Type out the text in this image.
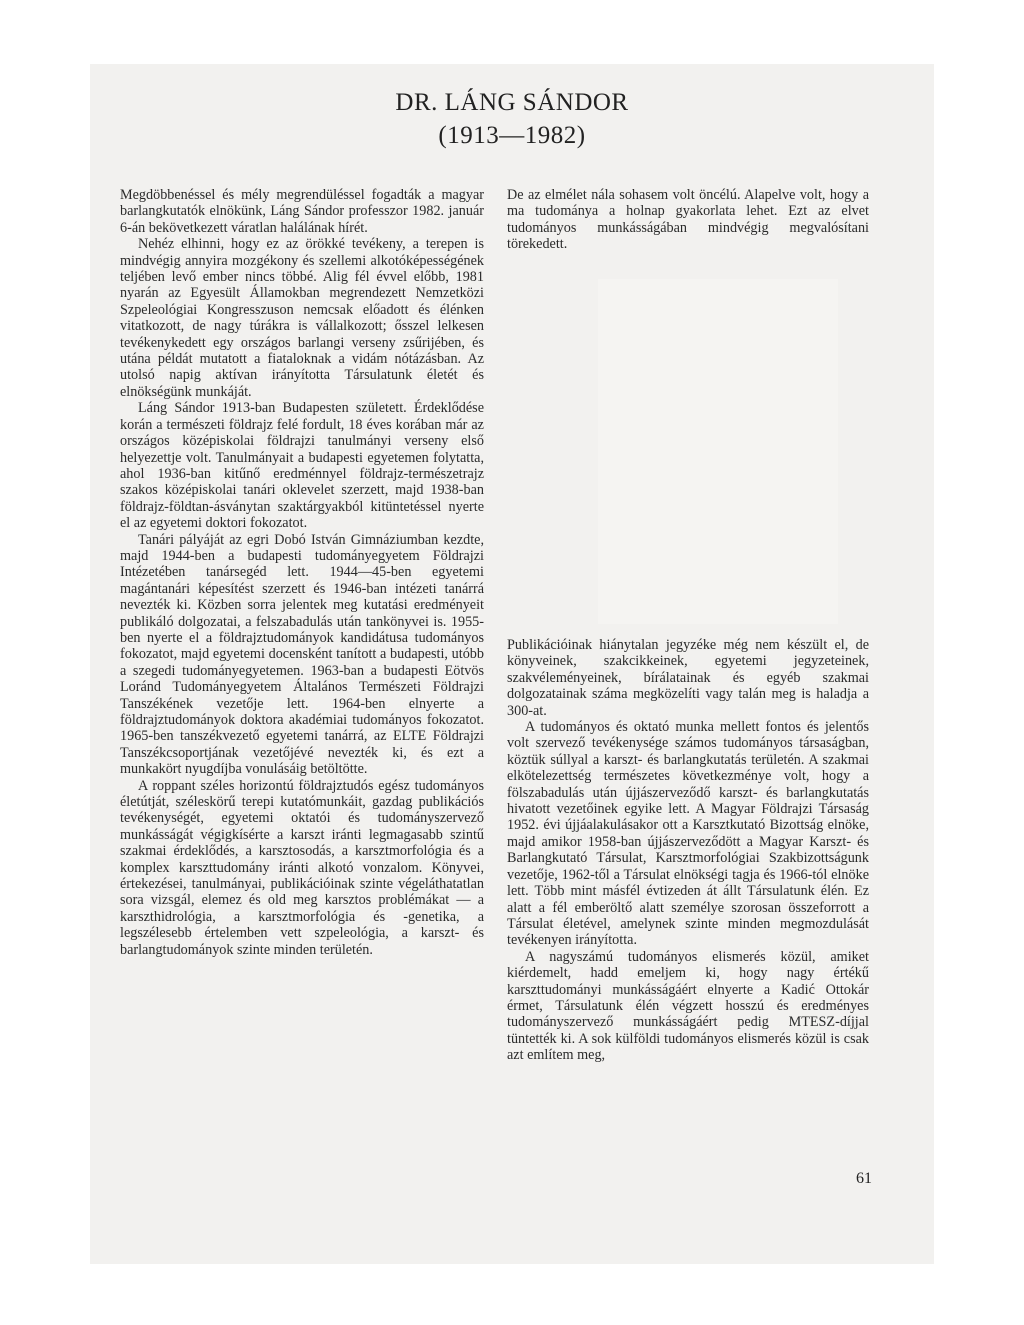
DR. LÁNG SÁNDOR
(1913—1982)

Megdöbbenéssel és mély megrendüléssel fogadták a magyar barlangkutatók elnökünk, Láng Sándor professzor 1982. január 6-án bekövetkezett váratlan halálának hírét.

Nehéz elhinni, hogy ez az örökké tevékeny, a terepen is mindvégig annyira mozgékony és szellemi alkotóképességének teljében levő ember nincs többé. Alig fél évvel előbb, 1981 nyarán az Egyesült Államokban megrendezett Nemzetközi Szpeleológiai Kongresszuson nemcsak előadott és élénken vitatkozott, de nagy túrákra is vállalkozott; ősszel lelkesen tevékenykedett egy országos barlangi verseny zsűrijében, és utána példát mutatott a fiataloknak a vidám nótázásban. Az utolsó napig aktívan irányította Társulatunk életét és elnökségünk munkáját.

Láng Sándor 1913-ban Budapesten született. Érdeklődése korán a természeti földrajz felé fordult, 18 éves korában már az országos középiskolai földrajzi tanulmányi verseny első helyezettje volt. Tanulmányait a budapesti egyetemen folytatta, ahol 1936-ban kitűnő eredménnyel földrajz-természetrajz szakos középiskolai tanári oklevelet szerzett, majd 1938-ban földrajz-földtan-ásványtan szaktárgyakból kitüntetéssel nyerte el az egyetemi doktori fokozatot.

Tanári pályáját az egri Dobó István Gimnáziumban kezdte, majd 1944-ben a budapesti tudományegyetem Földrajzi Intézetében tanársegéd lett. 1944—45-ben egyetemi magántanári képesítést szerzett és 1946-ban intézeti tanárrá nevezték ki. Közben sorra jelentek meg kutatási eredményeit publikáló dolgozatai, a felszabadulás után tankönyvei is. 1955-ben nyerte el a földrajztudományok kandidátusa tudományos fokozatot, majd egyetemi docensként tanított a budapesti, utóbb a szegedi tudományegyetemen. 1963-ban a budapesti Eötvös Loránd Tudományegyetem Általános Természeti Földrajzi Tanszékének vezetője lett. 1964-ben elnyerte a földrajztudományok doktora akadémiai tudományos fokozatot. 1965-ben tanszékvezető egyetemi tanárrá, az ELTE Földrajzi Tanszékcsoportjának vezetőjévé nevezték ki, és ezt a munkakört nyugdíjba vonulásáig betöltötte.

A roppant széles horizontú földrajztudós egész tudományos életútját, széleskörű terepi kutatómunkáit, gazdag publikációs tevékenységét, egyetemi oktatói és tudományszervező munkásságát végigkísérte a karszt iránti legmagasabb szintű szakmai érdeklődés, a karsztosodás, a karsztmorfológia és a komplex karszttudomány iránti alkotó vonzalom. Könyvei, értekezései, tanulmányai, publikációinak szinte végeláthatatlan sora vizsgál, elemez és old meg karsztos problémákat — a karszthidrológia, a karsztmorfológia és -genetika, a legszélesebb értelemben vett szpeleológia, a karszt- és barlangtudományok szinte minden területén.

De az elmélet nála sohasem volt öncélú. Alapelve volt, hogy a ma tudománya a holnap gyakorlata lehet. Ezt az elvet tudományos munkásságában mindvégig megvalósítani törekedett.

Publikációinak hiánytalan jegyzéke még nem készült el, de könyveinek, szakcikkeinek, egyetemi jegyzeteinek, szakvéleményeinek, bírálatainak és egyéb szakmai dolgozatainak száma megközelíti vagy talán meg is haladja a 300-at.

A tudományos és oktató munka mellett fontos és jelentős volt szervező tevékenysége számos tudományos társaságban, köztük súllyal a karszt- és barlangkutatás területén. A szakmai elkötelezettség természetes következménye volt, hogy a fölszabadulás után újjászerveződő karszt- és barlangkutatás hivatott vezetőinek egyike lett. A Magyar Földrajzi Társaság 1952. évi újjáalakulásakor ott a Karsztkutató Bizottság elnöke, majd amikor 1958-ban újjászerveződött a Magyar Karszt- és Barlangkutató Társulat, Karsztmorfológiai Szakbizottságunk vezetője, 1962-től a Társulat elnökségi tagja és 1966-tól elnöke lett. Több mint másfél évtizeden át állt Társulatunk élén. Ez alatt a fél emberöltő alatt személye szorosan összeforrott a Társulat életével, amelynek szinte minden megmozdulását tevékenyen irányította.

A nagyszámú tudományos elismerés közül, amiket kiérdemelt, hadd emeljem ki, hogy nagy értékű karszttudományi munkásságáért elnyerte a Kadić Ottokár érmet, Társulatunk élén végzett hosszú és eredményes tudományszervező munkásságáért pedig MTESZ-díjjal tüntették ki. A sok külföldi tudományos elismerés közül is csak azt említem meg,

61
